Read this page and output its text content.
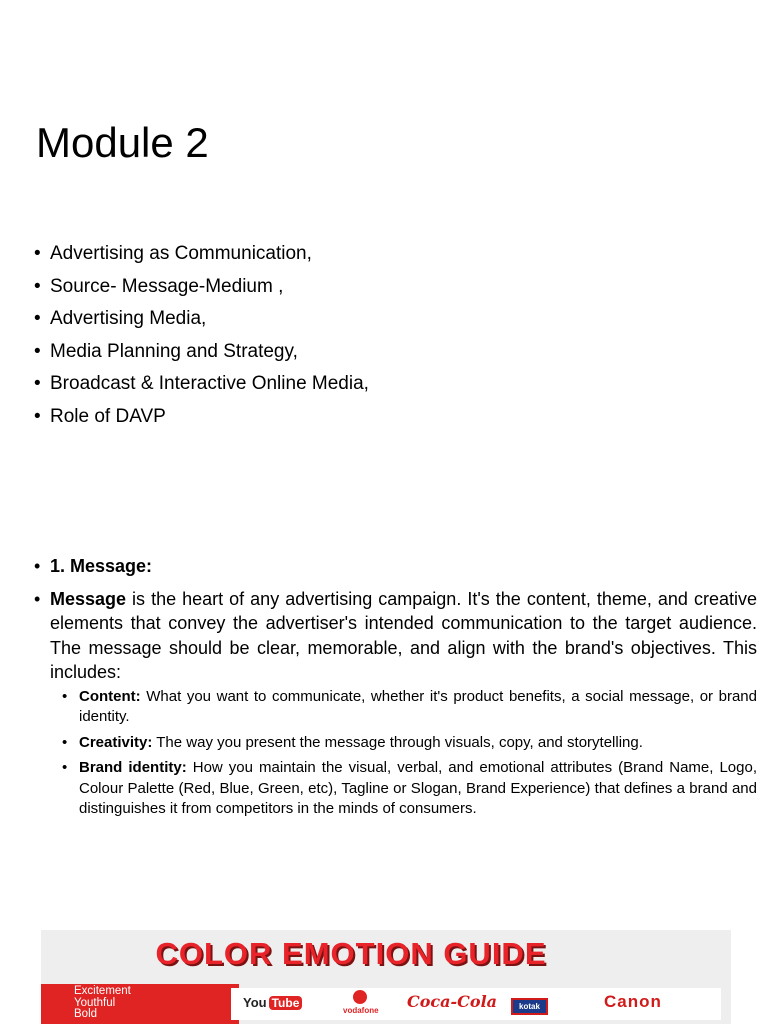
Module 2
• Advertising as Communication,
• Source- Message-Medium ,
• Advertising Media,
• Media Planning and Strategy,
• Broadcast & Interactive Online Media,
• Role of DAVP
• 1. Message:
• Message is the heart of any advertising campaign. It's the content, theme, and creative elements that convey the advertiser's intended communication to the target audience. The message should be clear, memorable, and align with the brand's objectives. This includes:
• Content: What you want to communicate, whether it's product benefits, a social message, or brand identity.
• Creativity: The way you present the message through visuals, copy, and storytelling.
• Brand identity: How you maintain the visual, verbal, and emotional attributes (Brand Name, Logo, Colour Palette (Red, Blue, Green, etc), Tagline or Slogan, Brand Experience) that defines a brand and distinguishes it from competitors in the minds of consumers.
COLOR EMOTION GUIDE
Excitement
Youthful
Bold
You Tube
vodafone Coca-Cola	kotak	Canon
